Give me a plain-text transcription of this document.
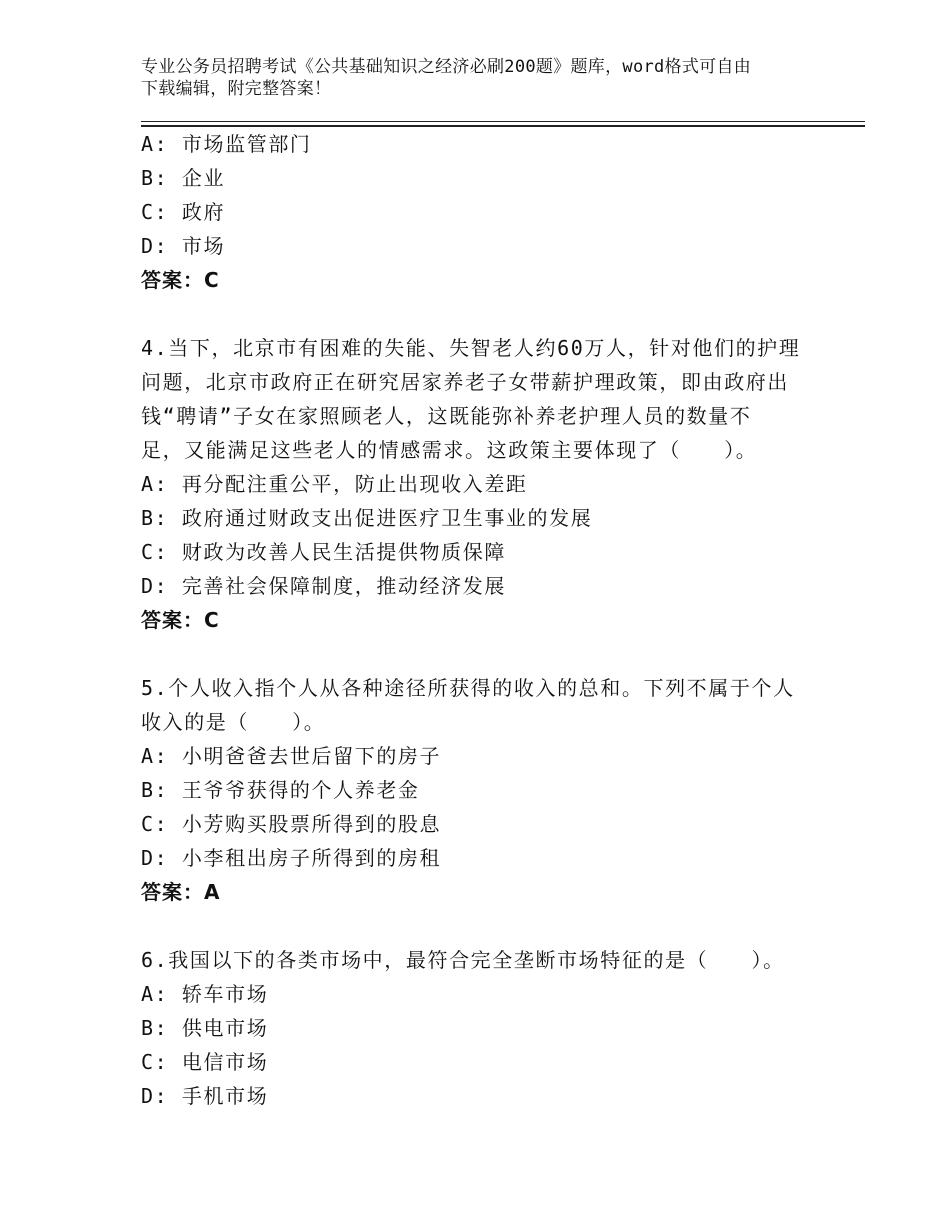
专业公务员招聘考试《公共基础知识之经济必刷200题》题库，word格式可自由
下载编辑，附完整答案！
A: 市场监管部门
B: 企业
C: 政府
D: 市场
答案：C
4.当下，北京市有困难的失能、失智老人约60万人，针对他们的护理
问题，北京市政府正在研究居家养老子女带薪护理政策，即由政府出
钱“聘请”子女在家照顾老人，这既能弥补养老护理人员的数量不
足，又能满足这些老人的情感需求。这政策主要体现了（　　）。
A: 再分配注重公平，防止出现收入差距
B: 政府通过财政支出促进医疗卫生事业的发展
C: 财政为改善人民生活提供物质保障
D: 完善社会保障制度，推动经济发展
答案：C
5.个人收入指个人从各种途径所获得的收入的总和。下列不属于个人
收入的是（　　）。
A: 小明爸爸去世后留下的房子
B: 王爷爷获得的个人养老金
C: 小芳购买股票所得到的股息
D: 小李租出房子所得到的房租
答案：A
6.我国以下的各类市场中，最符合完全垄断市场特征的是（　　）。
A: 轿车市场
B: 供电市场
C: 电信市场
D: 手机市场
